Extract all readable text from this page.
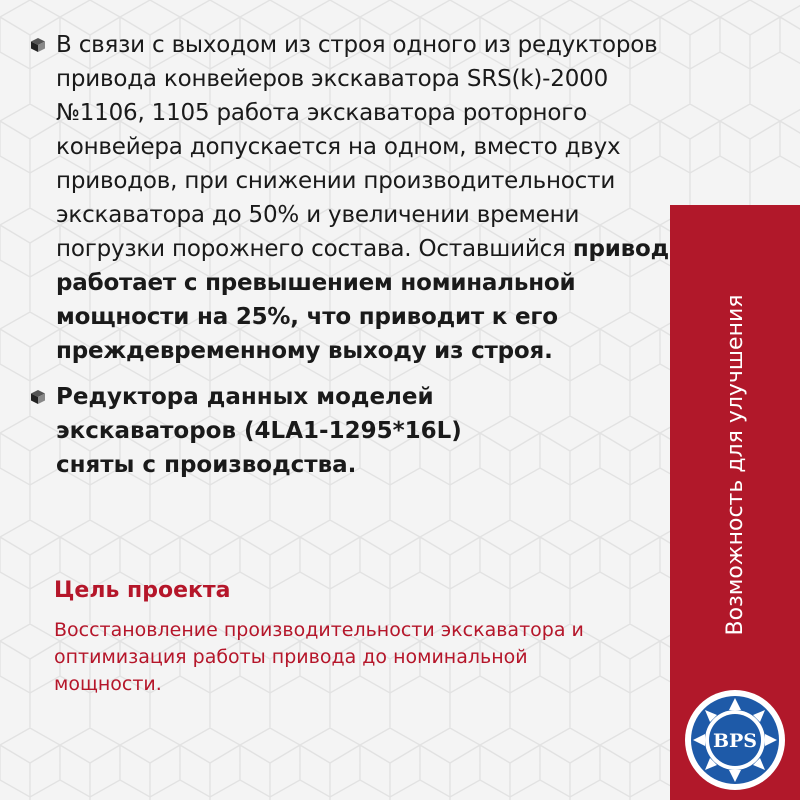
В связи с выходом из строя одного из редукторов привода конвейеров экскаватора SRS(k)-2000 №1106, 1105 работа экскаватора роторного конвейера допускается на одном, вместо двух приводов, при снижении производительности экскаватора до 50% и увеличении времени погрузки порожнего состава. Оставшийся привод работает с превышением номинальной мощности на 25%, что приводит к его преждевременному выходу из строя.
Редуктора данных моделей экскаваторов (4LA1-1295*16L) сняты с производства.
Цель проекта
Восстановление производительности экскаватора и оптимизация работы привода до номинальной мощности.
Возможность для улучшения
BPS
